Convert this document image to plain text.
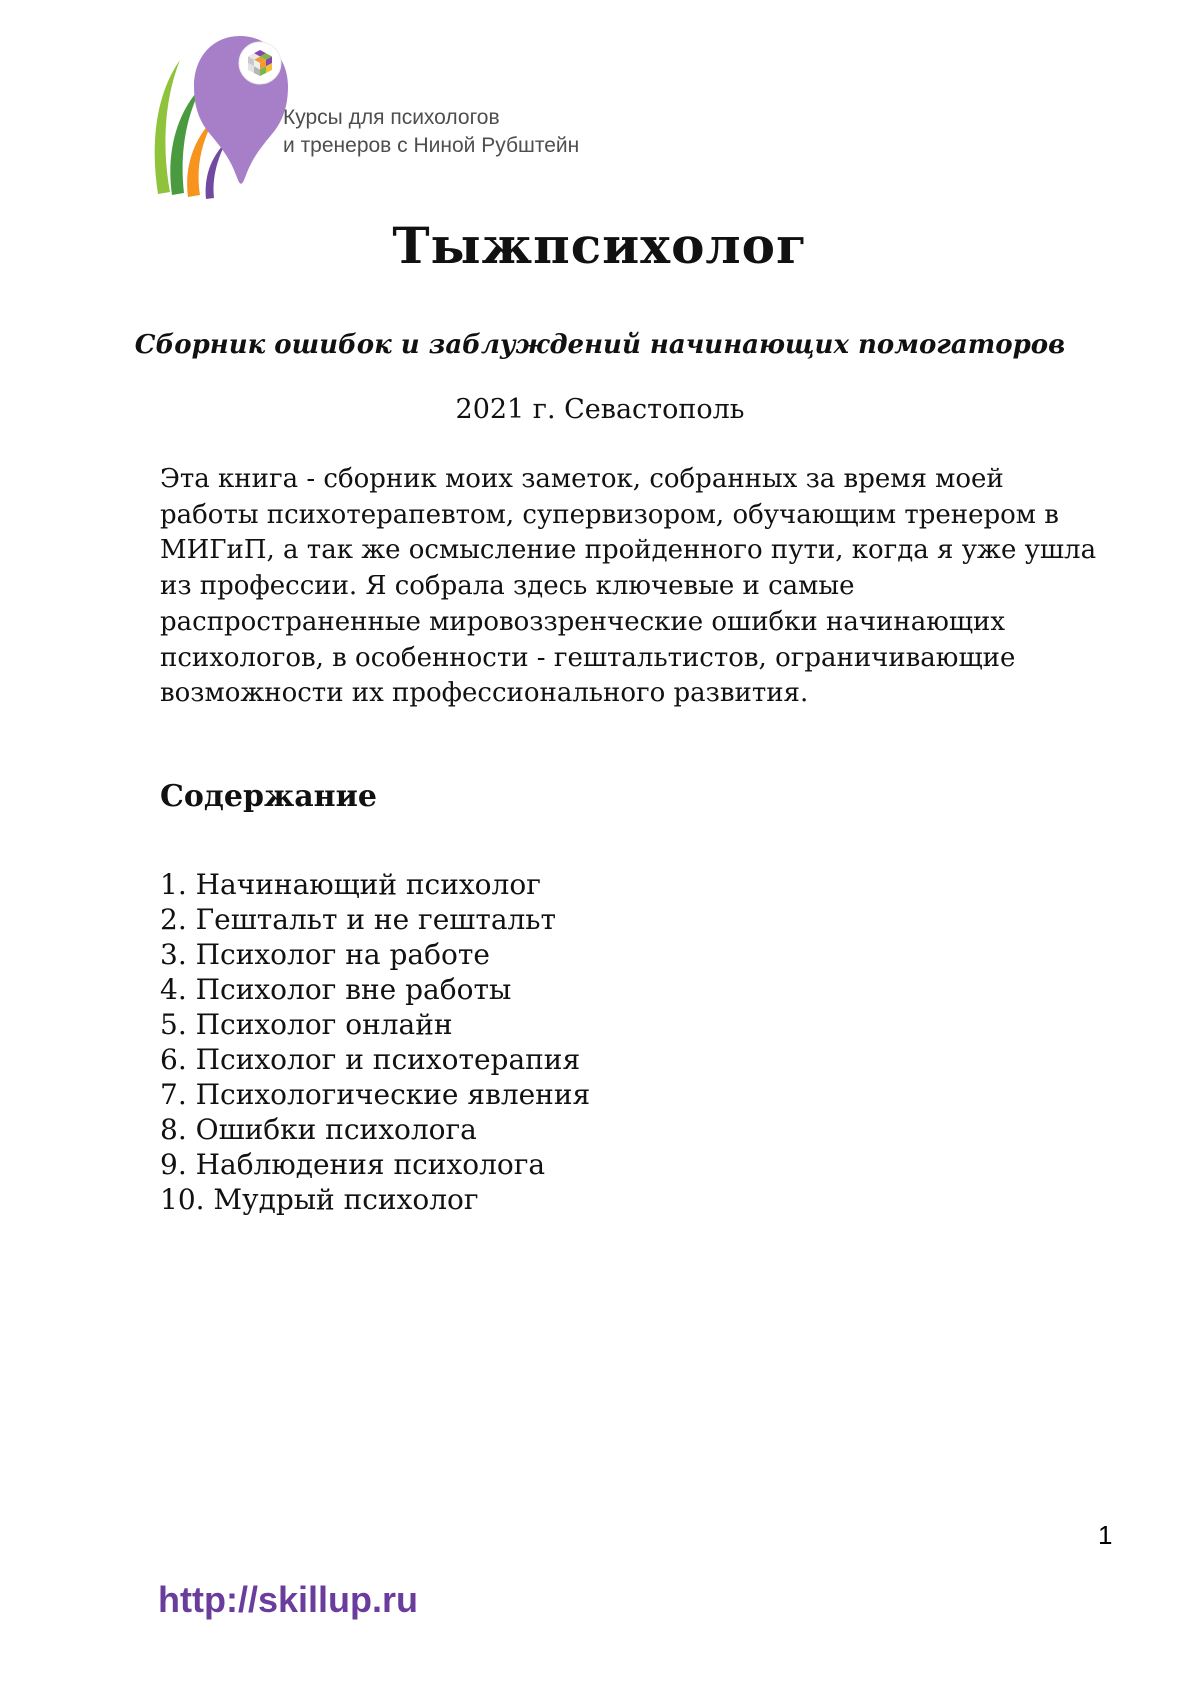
Курсы для психологов
и тренеров с Ниной Рубштейн
Тыжпсихолог
Сборник ошибок и заблуждений начинающих помогаторов
2021 г. Севастополь
Эта книга - сборник моих заметок, собранных за время моей
работы психотерапевтом, супервизором, обучающим тренером в
МИГиП, а так же осмысление пройденного пути, когда я уже ушла
из профессии. Я собрала здесь ключевые и самые
распространенные мировоззренческие ошибки начинающих
психологов, в особенности - гештальтистов, ограничивающие
возможности их профессионального развития.
Содержание
1. Начинающий психолог
2. Гештальт и не гештальт
3. Психолог на работе
4. Психолог вне работы
5. Психолог онлайн
6. Психолог и психотерапия
7. Психологические явления
8. Ошибки психолога
9. Наблюдения психолога
10. Мудрый психолог
1
http://skillup.ru
